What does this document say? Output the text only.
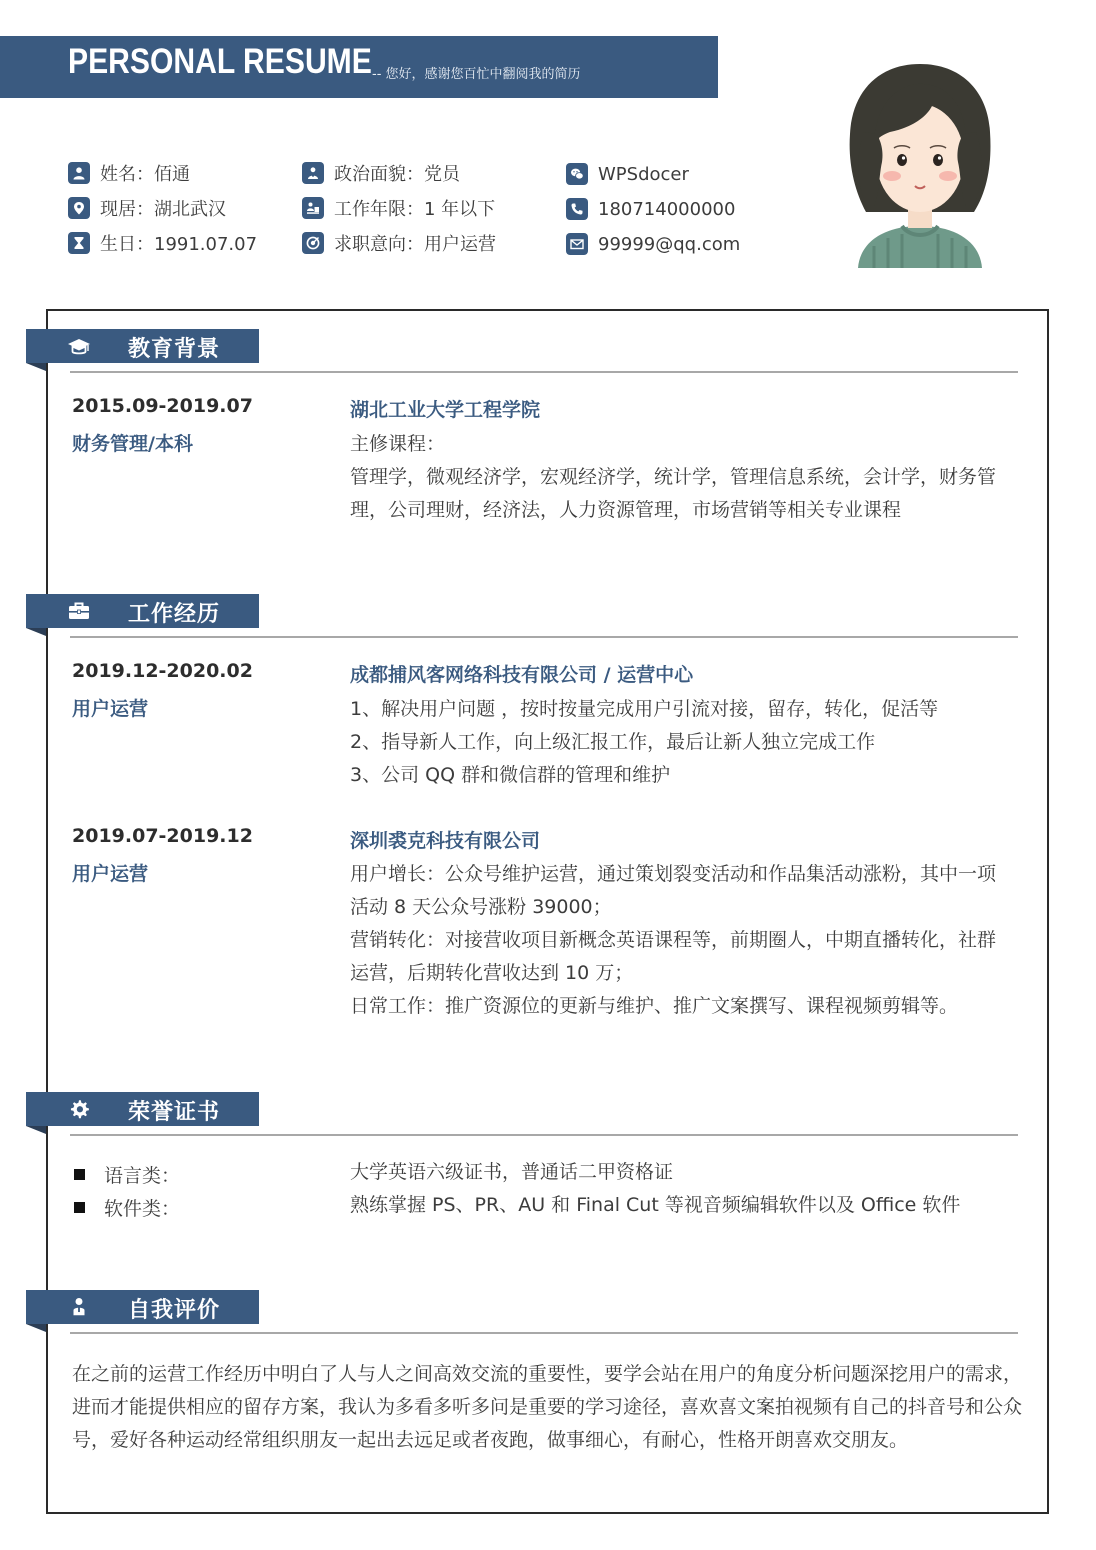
PERSONAL RESUME -- 您好，感谢您百忙中翻阅我的简历
姓名：佰通
现居：湖北武汉
生日：1991.07.07
政治面貌：党员
工作年限：1 年以下
求职意向：用户运营
WPSdocer
180714000000
99999@qq.com
教育背景
2015.09-2019.07
财务管理/本科
湖北工业大学工程学院
主修课程：
管理学，微观经济学，宏观经济学，统计学，管理信息系统，会计学，财务管
理，公司理财，经济法，人力资源管理，市场营销等相关专业课程
工作经历
2019.12-2020.02
用户运营
成都捕风客网络科技有限公司 / 运营中心
1、解决用户问题 ，按时按量完成用户引流对接，留存，转化，促活等
2、指导新人工作，向上级汇报工作，最后让新人独立完成工作
3、公司 QQ 群和微信群的管理和维护
2019.07-2019.12
用户运营
深圳裘克科技有限公司
用户增长：公众号维护运营，通过策划裂变活动和作品集活动涨粉，其中一项
活动 8 天公众号涨粉 39000；
营销转化：对接营收项目新概念英语课程等，前期圈人，中期直播转化，社群
运营，后期转化营收达到 10 万；
日常工作：推广资源位的更新与维护、推广文案撰写、课程视频剪辑等。
荣誉证书
语言类：	大学英语六级证书，普通话二甲资格证
软件类：	熟练掌握 PS、PR、AU 和 Final Cut 等视音频编辑软件以及 Office 软件
自我评价
在之前的运营工作经历中明白了人与人之间高效交流的重要性，要学会站在用户的角度分析问题深挖用户的需求，进而才能提供相应的留存方案，我认为多看多听多问是重要的学习途径，喜欢喜文案拍视频有自己的抖音号和公众号，爱好各种运动经常组织朋友一起出去远足或者夜跑，做事细心，有耐心，性格开朗喜欢交朋友。
